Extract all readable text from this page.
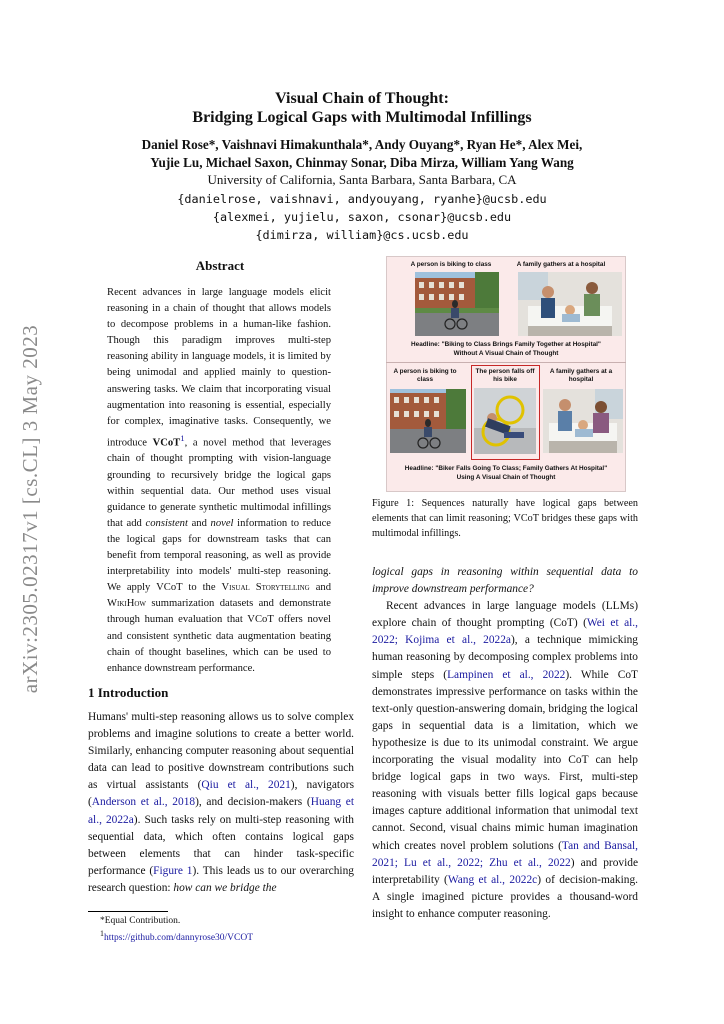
arXiv:2305.02317v1 [cs.CL] 3 May 2023
Visual Chain of Thought:
Bridging Logical Gaps with Multimodal Infillings
Daniel Rose*, Vaishnavi Himakunthala*, Andy Ouyang*, Ryan He*, Alex Mei,
Yujie Lu, Michael Saxon, Chinmay Sonar, Diba Mirza, William Yang Wang
University of California, Santa Barbara, Santa Barbara, CA
{danielrose, vaishnavi, andyouyang, ryanhe}@ucsb.edu
{alexmei, yujielu, saxon, csonar}@ucsb.edu
{dimirza, william}@cs.ucsb.edu
Abstract
Recent advances in large language models elicit reasoning in a chain of thought that allows models to decompose problems in a human-like fashion. Though this paradigm improves multi-step reasoning ability in language models, it is limited by being unimodal and applied mainly to question-answering tasks. We claim that incorporating visual augmentation into reasoning is essential, especially for complex, imaginative tasks. Consequently, we introduce VCoT$^1$, a novel method that leverages chain of thought prompting with vision-language grounding to recursively bridge the logical gaps within sequential data. Our method uses visual guidance to generate synthetic multimodal infillings that add consistent and novel information to reduce the logical gaps for downstream tasks that can benefit from temporal reasoning, as well as provide interpretability into models' multi-step reasoning. We apply VCoT to the Visual Storytelling and WikiHow summarization datasets and demonstrate through human evaluation that VCoT offers novel and consistent synthetic data augmentation beating chain of thought baselines, which can be used to enhance downstream performance.
1 Introduction
Humans' multi-step reasoning allows us to solve complex problems and imagine solutions to create a better world. Similarly, enhancing computer reasoning about sequential data can lead to positive downstream contributions such as virtual assistants (Qiu et al., 2021), navigators (Anderson et al., 2018), and decision-makers (Huang et al., 2022a). Such tasks rely on multi-step reasoning with sequential data, which often contains logical gaps between elements that can hinder task-specific performance (Figure 1). This leads us to our overarching research question: how can we bridge the
*Equal Contribution.
$^1$https://github.com/dannyrose30/VCOT
A person is biking to class	A family gathers at a hospital
Headline: "Biking to Class Brings Family Together at Hospital"
Without A Visual Chain of Thought
A person is biking to class
A family gathers at a hospital
The person falls off his bike
Headline: "Biker Falls Going To Class; Family Gathers At Hospital"
Using A Visual Chain of Thought
Figure 1: Sequences naturally have logical gaps between elements that can limit reasoning; VCoT bridges these gaps with multimodal infillings.

logical gaps in reasoning within sequential data to improve downstream performance?

Recent advances in large language models (LLMs) explore chain of thought prompting (CoT) (Wei et al., 2022; Kojima et al., 2022a), a technique mimicking human reasoning by decomposing complex problems into simple steps (Lampinen et al., 2022). While CoT demonstrates impressive performance on tasks within the text-only question-answering domain, bridging the logical gaps in sequential data is a limitation, which we hypothesize is due to its unimodal constraint. We argue incorporating the visual modality into CoT can help bridge logical gaps in two ways. First, multi-step reasoning with visuals better fills logical gaps because images capture additional information that unimodal text cannot. Second, visual chains mimic human imagination which creates novel problem solutions (Tan and Bansal, 2021; Lu et al., 2022; Zhu et al., 2022) and provide interpretability (Wang et al., 2022c) of decision-making. A single imagined picture provides a thousand-word insight to enhance computer reasoning.
